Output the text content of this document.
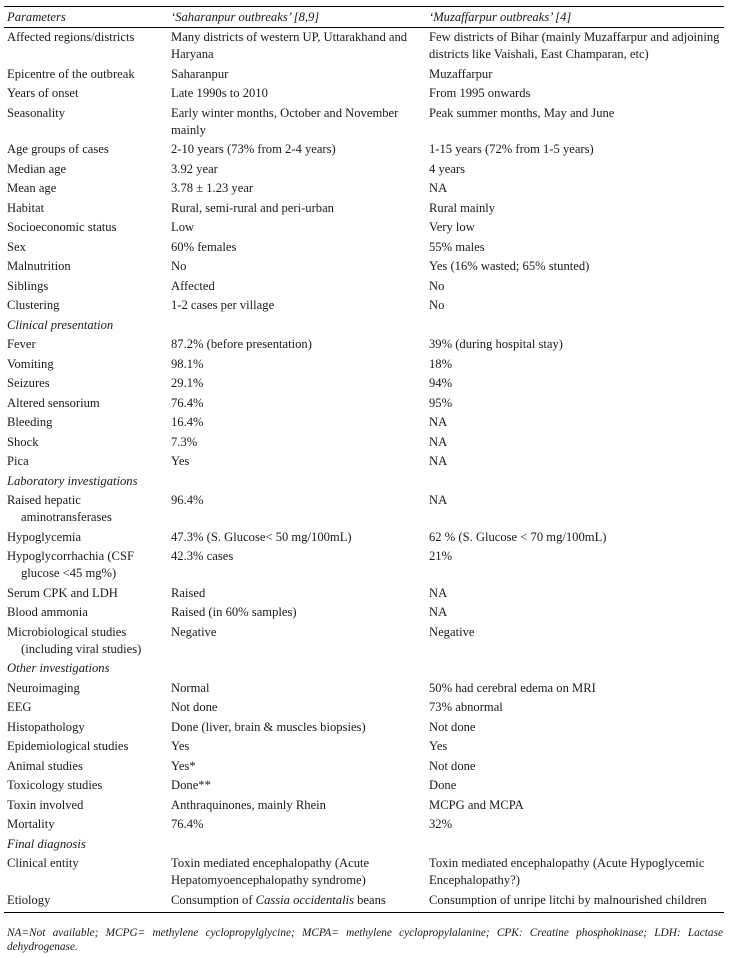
Parameters	‘Saharanpur outbreaks’ [8,9]	‘Muzaffarpur outbreaks’ [4]

Affected regions/districts	Many districts of western UP, Uttarakhand and Haryana	Few districts of Bihar (mainly Muzaffarpur and adjoining districts like Vaishali, East Champaran, etc)

Epicentre of the outbreak	Saharanpur	Muzaffarpur

Years of onset	Late 1990s to 2010	From 1995 onwards

Seasonality	Early winter months, October and November mainly	Peak summer months, May and June

Age groups of cases	2-10 years (73% from 2-4 years)	1-15 years (72% from 1-5 years)

Median age	3.92 year	4 years

Mean age	3.78 ± 1.23 year	NA

Habitat	Rural, semi-rural and peri-urban	Rural mainly

Socioeconomic status	Low	Very low

Sex	60% females	55% males

Malnutrition	No	Yes (16% wasted; 65% stunted)

Siblings	Affected	No

Clustering	1-2 cases per village	No
Clinical presentation		

Fever	87.2% (before presentation)	39% (during hospital stay)

Vomiting	98.1%	18%

Seizures	29.1%	94%

Altered sensorium	76.4%	95%

Bleeding	16.4%	NA

Shock	7.3%	NA

Pica	Yes	NA
Laboratory investigations		

Raised hepatic aminotransferases	96.4%	NA

Hypoglycemia	47.3% (S. Glucose< 50 mg/100mL)	62 % (S. Glucose < 70 mg/100mL)

Hypoglycorrhachia (CSF glucose <45 mg%)	42.3% cases	21%

Serum CPK and LDH	Raised	NA

Blood ammonia	Raised (in 60% samples)	NA

Microbiological studies (including viral studies)	Negative	Negative
Other investigations		

Neuroimaging	Normal	50% had cerebral edema on MRI

EEG	Not done	73% abnormal

Histopathology	Done (liver, brain & muscles biopsies)	Not done

Epidemiological studies	Yes	Yes

Animal studies	Yes*	Not done

Toxicology studies	Done**	Done

Toxin involved	Anthraquinones, mainly Rhein	MCPG and MCPA

Mortality	76.4%	32%
Final diagnosis		

Clinical entity	Toxin mediated encephalopathy (Acute Hepatomyoencephalopathy syndrome)	Toxin mediated encephalopathy (Acute Hypoglycemic Encephalopathy?)

Etiology	Consumption of Cassia occidentalis beans	Consumption of unripe litchi by malnourished children
NA=Not available; MCPG= methylene cyclopropylglycine; MCPA= methylene cyclopropylalanine; CPK: Creatine phosphokinase; LDH: Lactase dehydrogenase.
